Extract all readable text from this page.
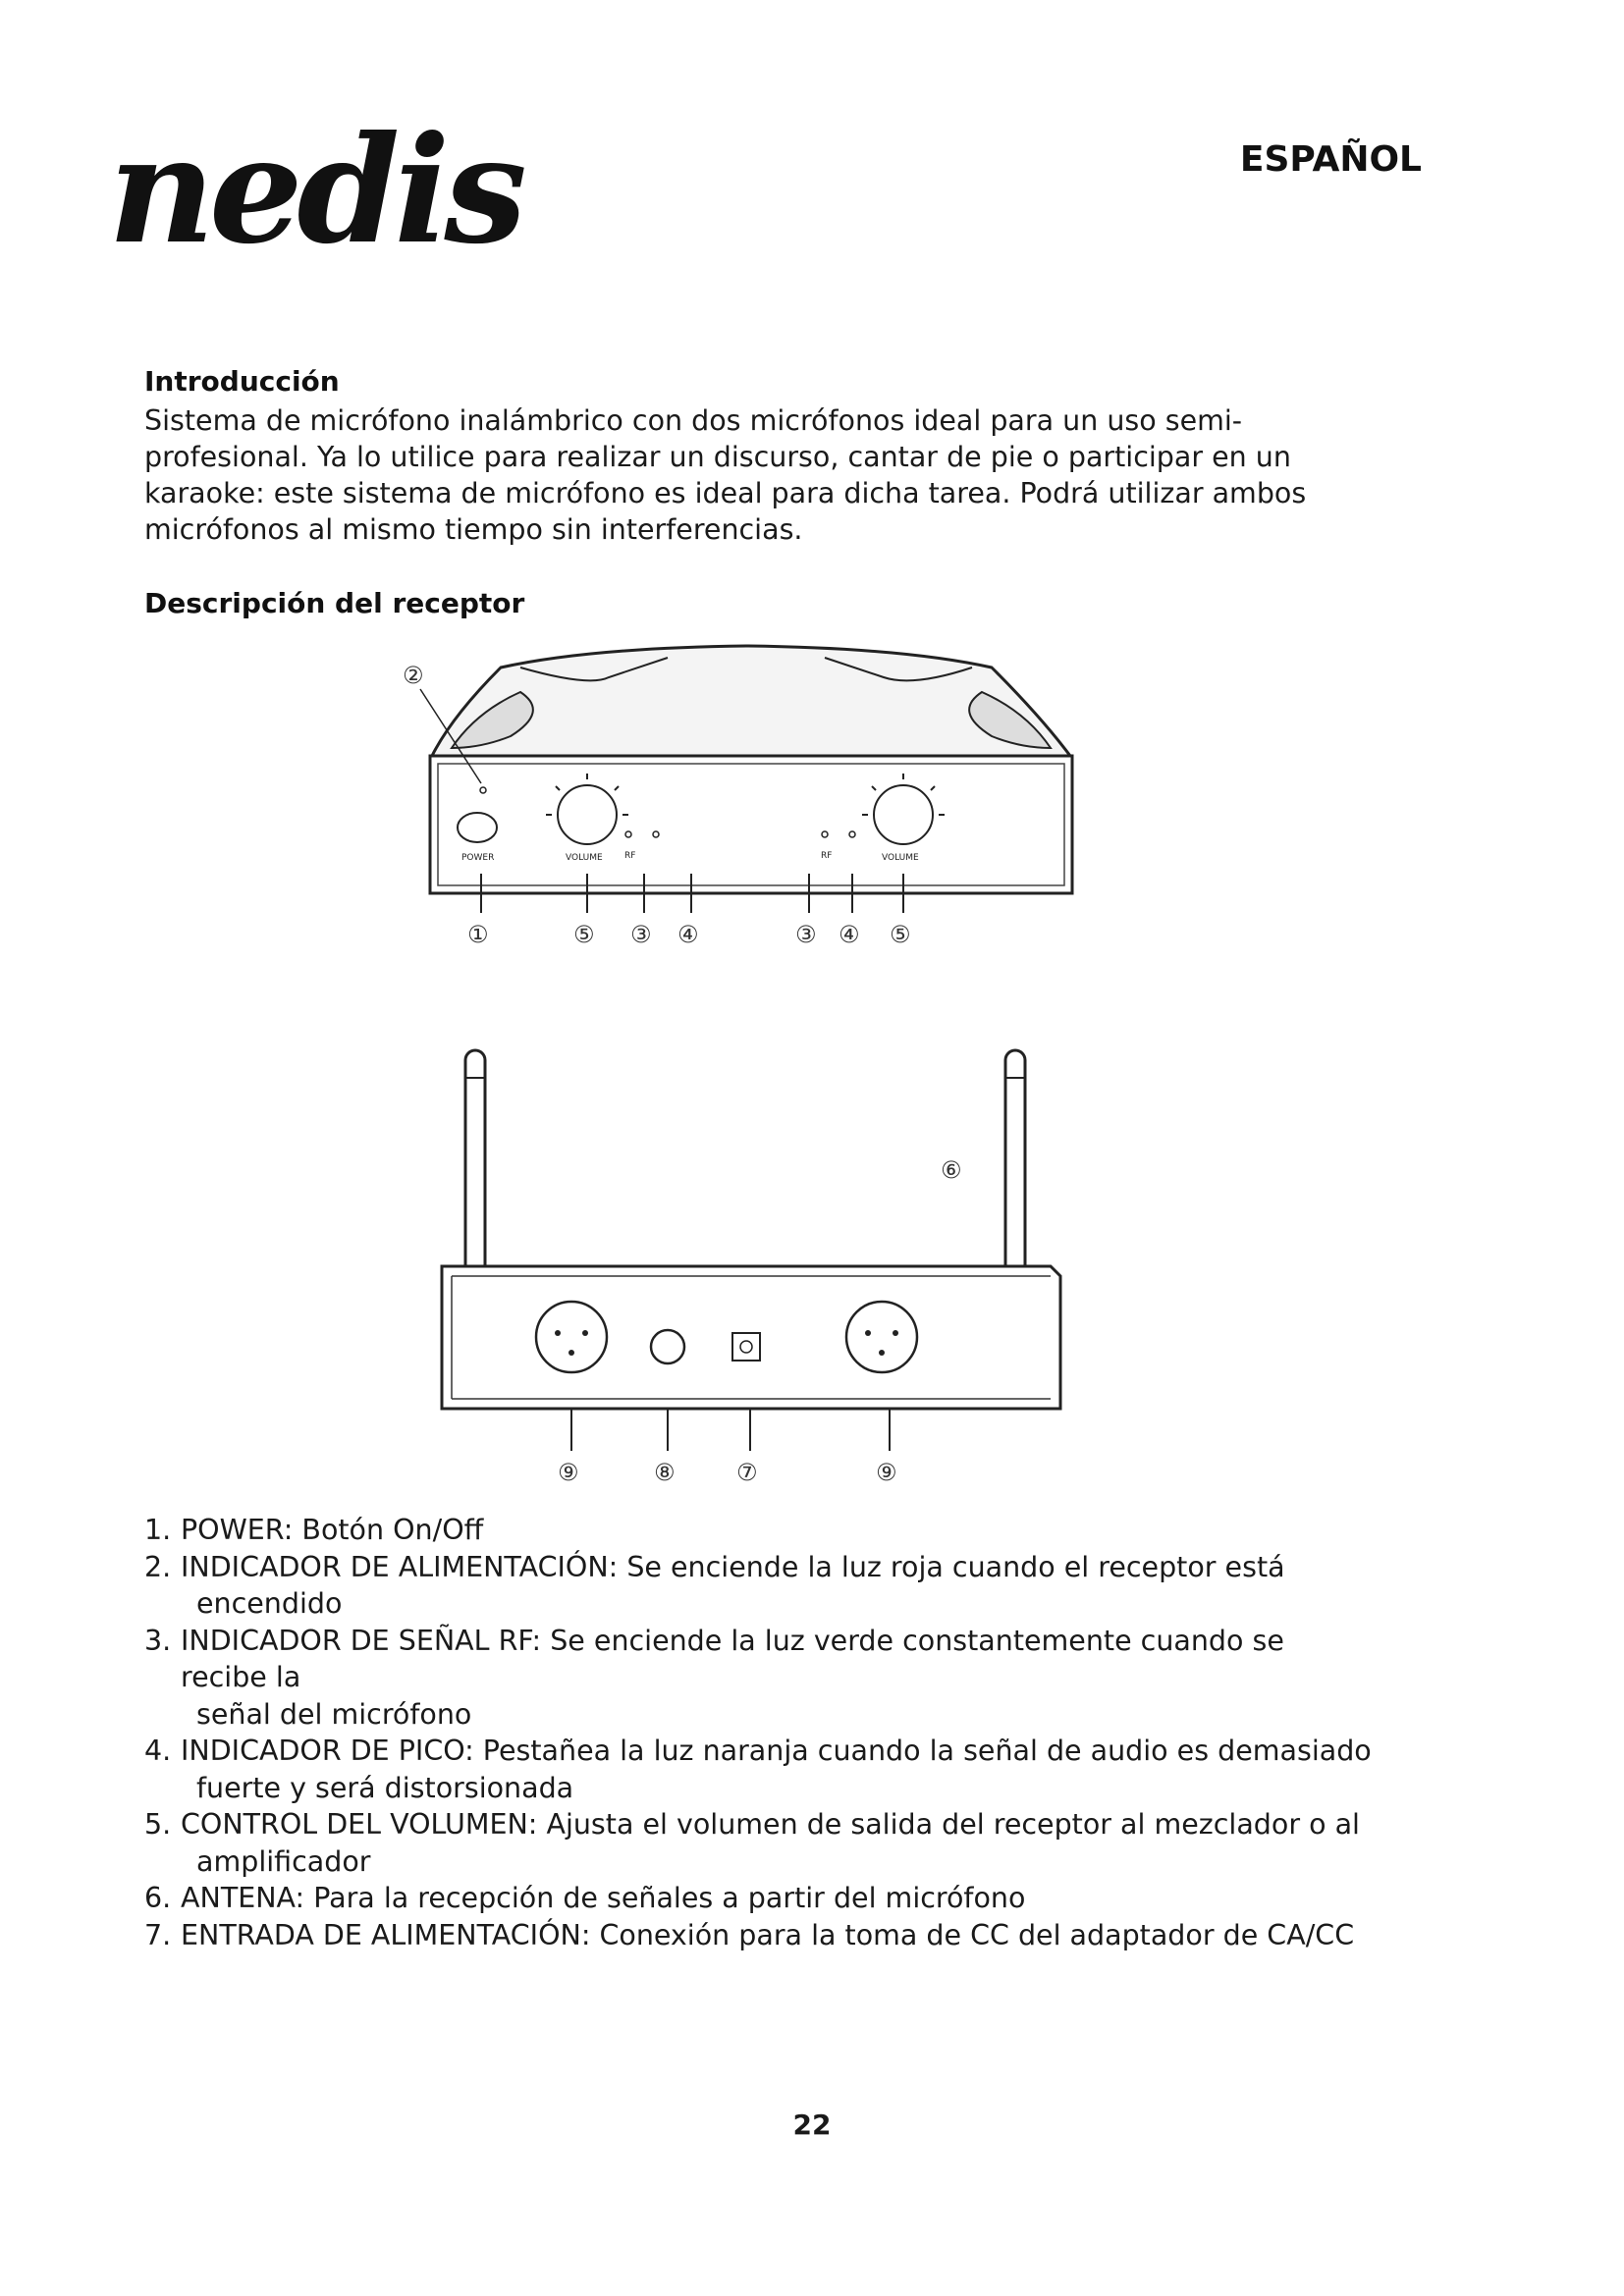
nedis	ESPAÑOL
Introducción

Sistema de micrófono inalámbrico con dos micrófonos ideal para un uso semi-profesional. Ya lo utilice para realizar un discurso, cantar de pie o participar en un karaoke: este sistema de micrófono es ideal para dicha tarea. Podrá utilizar ambos micrófonos al mismo tiempo sin interferencias.

Descripción del receptor
POWER	VOLUME RF	RF	VOLUME
②
①	⑤ ③ ④	③ ④ ⑤
⑥
⑨	⑧	⑦	⑨
1. POWER: Botón On/Off
2. INDICADOR DE ALIMENTACIÓN: Se enciende la luz roja cuando el receptor está
encendido
3. INDICADOR DE SEÑAL RF: Se enciende la luz verde constantemente cuando se recibe la
señal del micrófono
4. INDICADOR DE PICO: Pestañea la luz naranja cuando la señal de audio es demasiado
fuerte y será distorsionada
5. CONTROL DEL VOLUMEN: Ajusta el volumen de salida del receptor al mezclador o al
amplificador
6. ANTENA: Para la recepción de señales a partir del micrófono
7. ENTRADA DE ALIMENTACIÓN: Conexión para la toma de CC del adaptador de CA/CC
22
